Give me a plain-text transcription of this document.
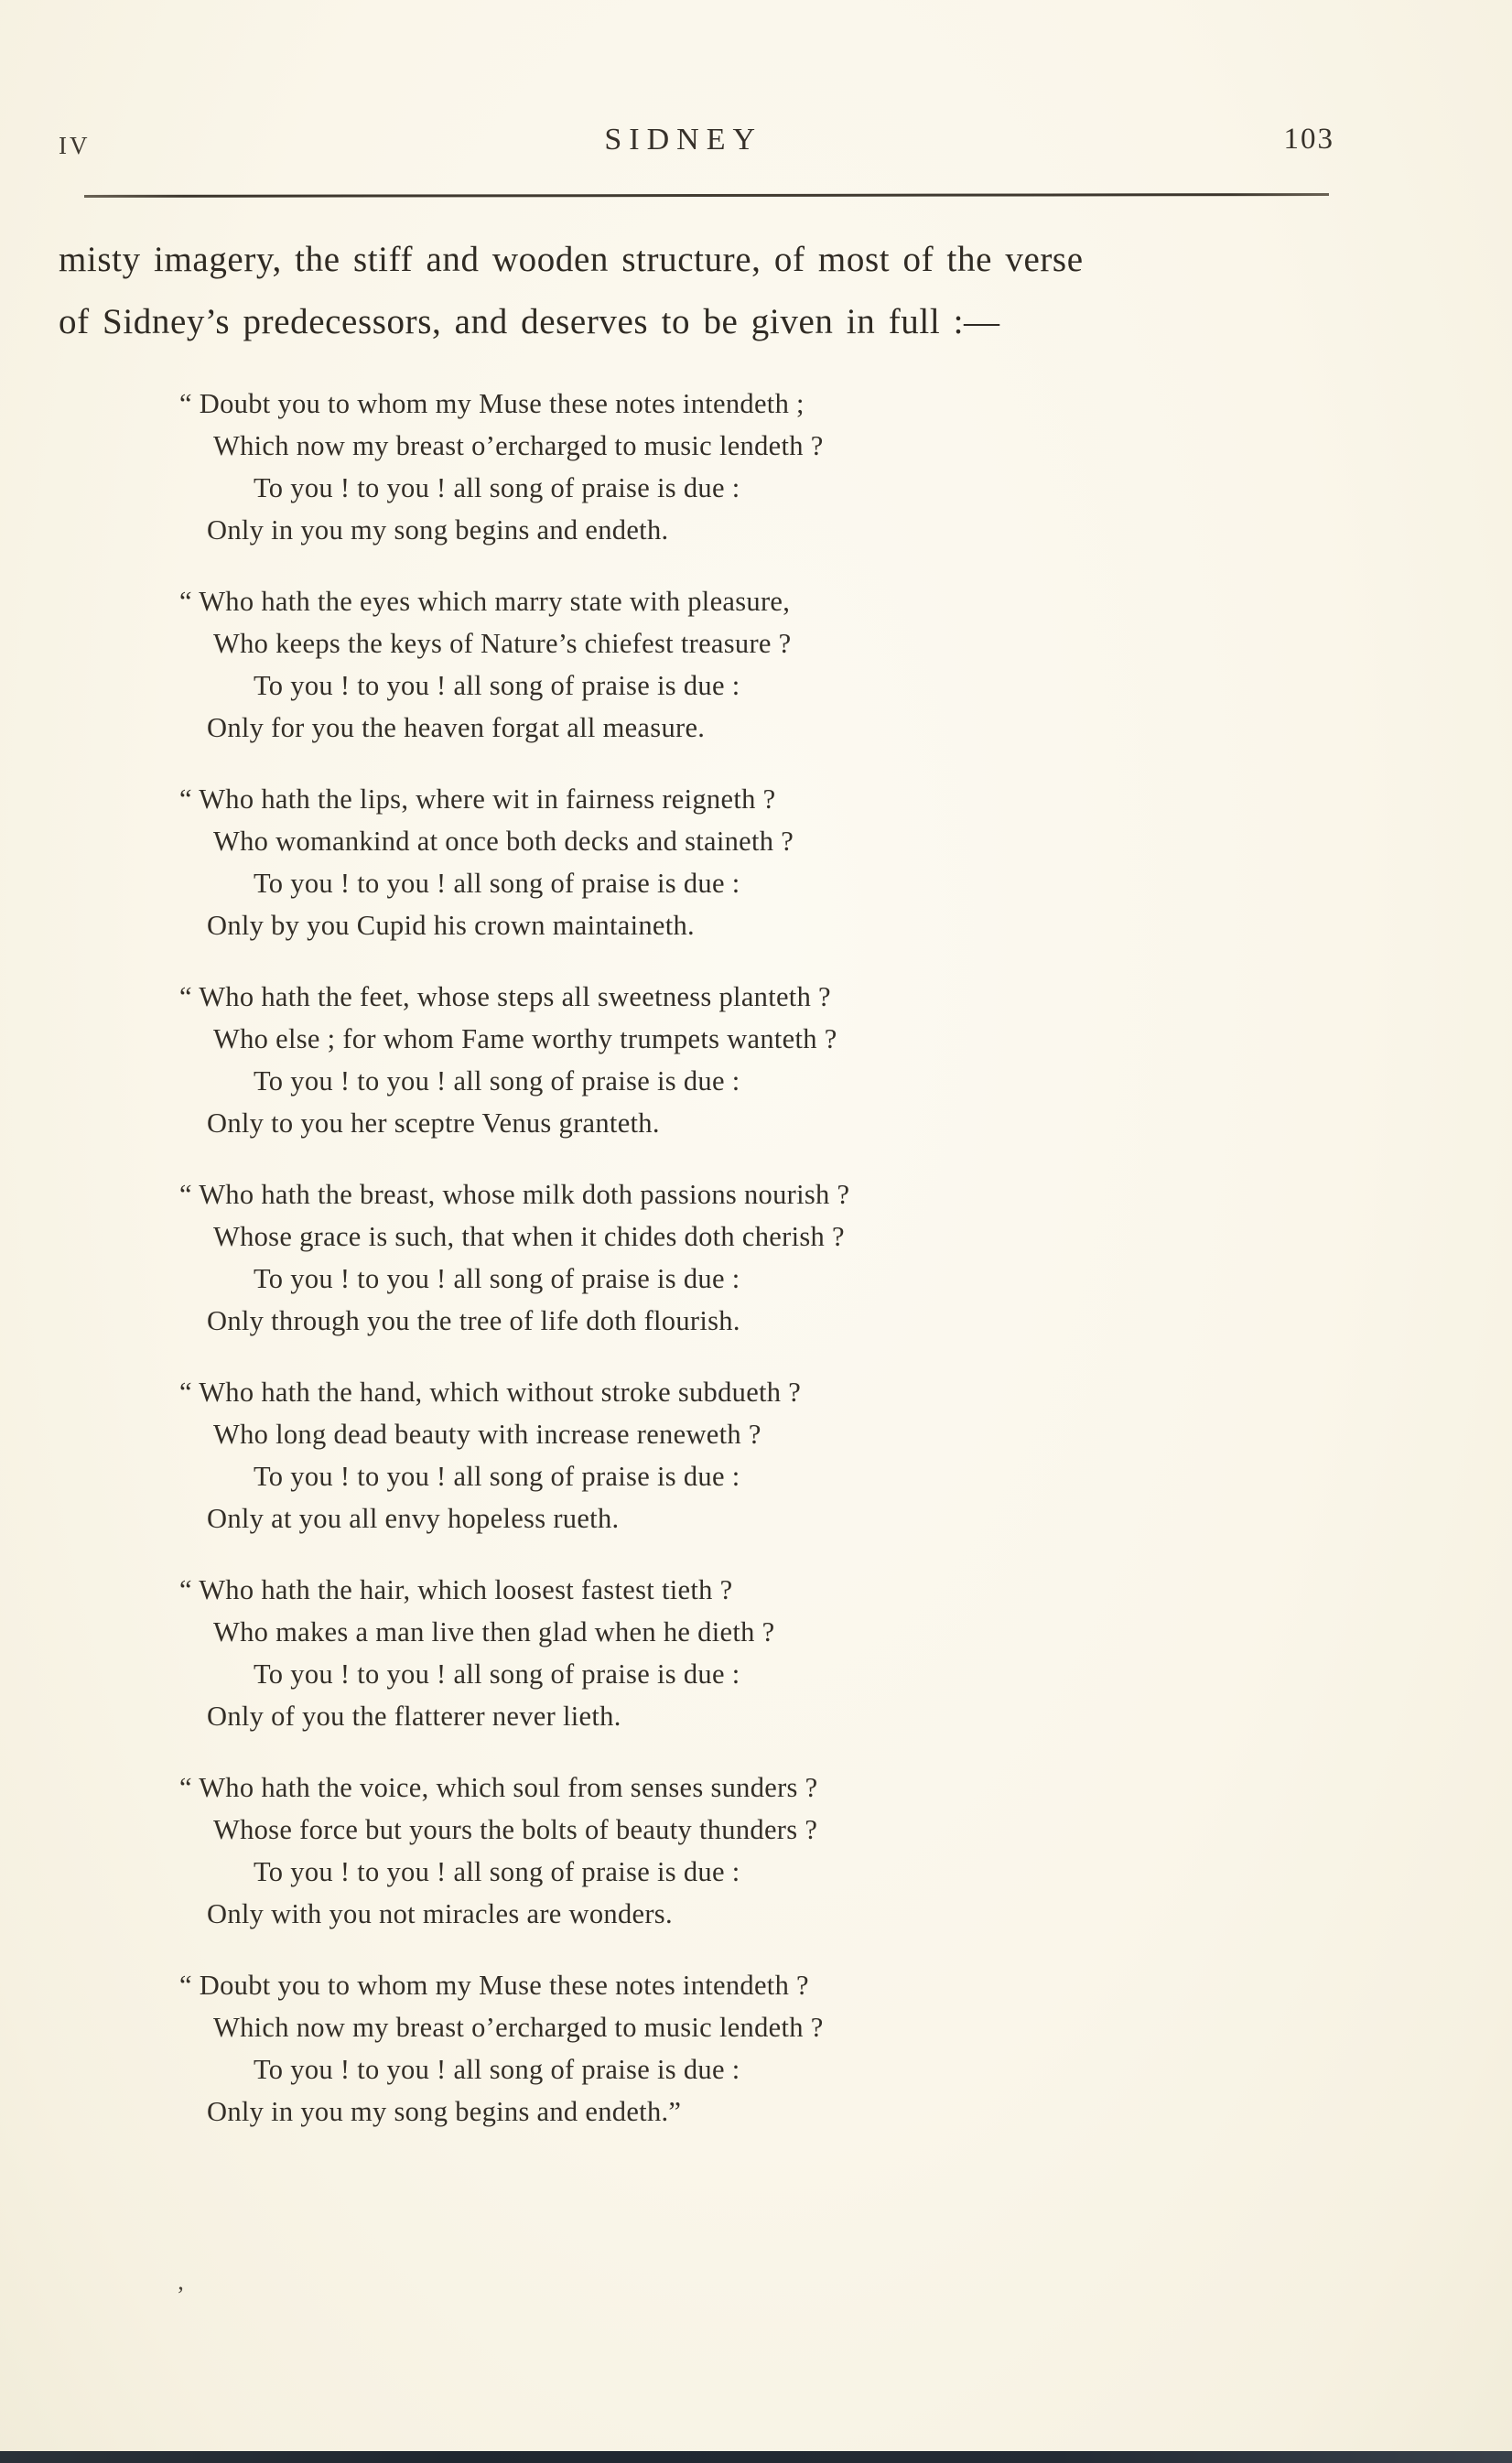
IV	SIDNEY	103
misty imagery, the stiff and wooden structure, of most of the verse
of Sidney’s predecessors, and deserves to be given in full :—
“ Doubt you to whom my Muse these notes intendeth ;
Which now my breast o’ercharged to music lendeth ?
To you ! to you ! all song of praise is due :
Only in you my song begins and endeth.
“ Who hath the eyes which marry state with pleasure,
Who keeps the keys of Nature’s chiefest treasure ?
To you ! to you ! all song of praise is due :
Only for you the heaven forgat all measure.
“ Who hath the lips, where wit in fairness reigneth ?
Who womankind at once both decks and staineth ?
To you ! to you ! all song of praise is due :
Only by you Cupid his crown maintaineth.
“ Who hath the feet, whose steps all sweetness planteth ?
Who else ; for whom Fame worthy trumpets wanteth ?
To you ! to you ! all song of praise is due :
Only to you her sceptre Venus granteth.
“ Who hath the breast, whose milk doth passions nourish ?
Whose grace is such, that when it chides doth cherish ?
To you ! to you ! all song of praise is due :
Only through you the tree of life doth flourish.
“ Who hath the hand, which without stroke subdueth ?
Who long dead beauty with increase reneweth ?
To you ! to you ! all song of praise is due :
Only at you all envy hopeless rueth.
“ Who hath the hair, which loosest fastest tieth ?
Who makes a man live then glad when he dieth ?
To you ! to you ! all song of praise is due :
Only of you the flatterer never lieth.
“ Who hath the voice, which soul from senses sunders ?
Whose force but yours the bolts of beauty thunders ?
To you ! to you ! all song of praise is due :
Only with you not miracles are wonders.
“ Doubt you to whom my Muse these notes intendeth ?
Which now my breast o’ercharged to music lendeth ?
To you ! to you ! all song of praise is due :
Only in you my song begins and endeth.”
‚
